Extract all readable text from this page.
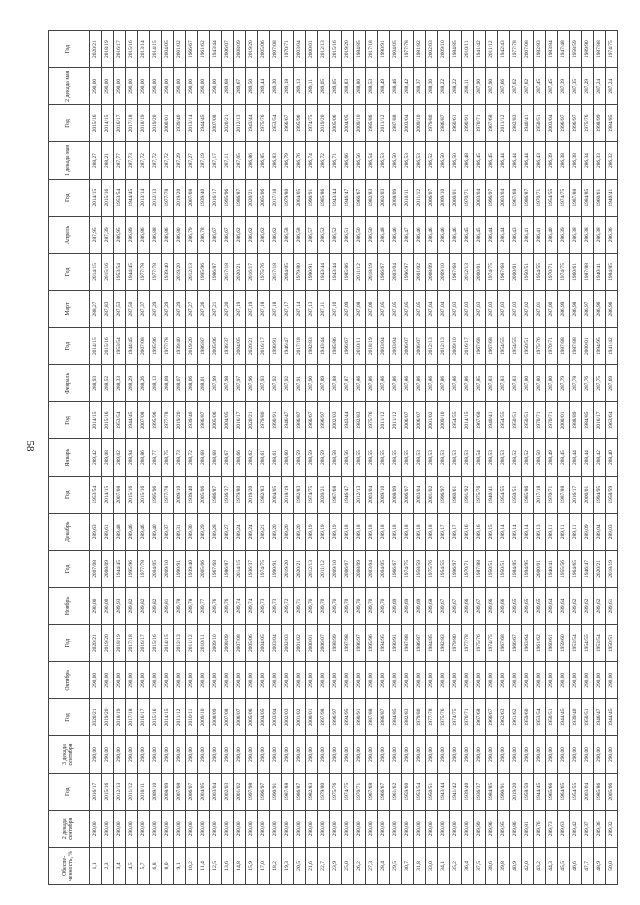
58
Обеспе-ченность, %	2 декада сентября	Год	3 декада сентября	Год	Октябрь	Год	Ноябрь	Год	Декабрь	Год	Январь	Год	Февраль	Год	Март	Год	Апрель	Год	1 декада мая	Год	2 декада мая	Год
1,1	290,00	2016/17	290,00	2020/21	290,00	2020/21	290,00	2007/08	289,63	1953/54	289,42	2014/15	288,93	2014/15	288,27	2014/15	287,95	2014/15	288,27	2015/16	290,00	2020/21
2,3	290,00	2015/16	290,00	2019/20	290,00	2019/20	290,00	2008/09	289,61	2014/15	289,08	2015/16	288,52	2015/16	287,83	2015/16	287,39	2015/16	288,21	2014/15	290,00	2018/19
3,4	290,00	2012/13	290,00	2018/19	290,00	2018/19	289,93	1944/45	289,48	2007/08	289,02	1953/54	288,33	1953/54	287,53	1953/54	286,95	1953/54	287,77	2016/17	290,00	2016/17
4,5	290,00	2011/12	290,00	2017/18	290,00	2017/18	289,82	1995/96	289,46	2015/16	288,94	1944/45	288,29	1944/45	287,50	1944/45	286,89	1944/45	287,73	2017/18	290,00	2015/16
5,7	290,00	2010/11	290,00	2016/17	290,00	2016/17	289,82	1977/78	289,46	2015/16	288,86	2007/08	288,26	2007/08	287,37	1977/78	286,86	2013/14	287,72	2018/19	290,00	2013/14
6,8	290,00	2009/10	290,00	2015/16	290,00	2015/16	289,82	2004/05	289,40	1995/96	288,77	1995/96	288,13	1995/96	287,29	1977/78	286,88	2012/13	287,72	2019/20	290,00	2014/15
8,0	290,00	2008/09	290,00	2014/15	290,00	2014/15	289,81	2009/10	289,37	1977/78	288,75	1977/78	288,08	1977/78	287,29	1939/40	286,86	1977/78	287,72	2000/01	290,00	2004/05
9,1	290,00	2007/08	290,00	2011/12	290,00	2012/13	289,78	1990/91	289,31	2009/10	288,73	2019/20	288,07	1939/40	287,29	2019/20	286,80	2019/20	287,29	1939/40	290,00	2001/02
10,2	290,00	2006/07	290,00	2010/11	290,00	2011/12	289,78	1939/40	289,30	1939/40	288,72	1939/40	288,06	2019/20	287,27	2012/13	286,79	2007/08	287,27	2013/14	290,00	1966/67
11,4	290,00	2004/05	290,00	2009/10	290,00	2010/11	289,77	2005/06	289,29	2005/06	288,68	1986/87	288,01	1986/87	287,26	1995/96	286,78	1939/40	287,19	1944/45	290,00	1961/62
12,5	290,00	2003/04	290,00	2008/09	290,00	2009/10	289,76	1967/68	289,28	1986/87	288,68	2005/06	287,99	2005/06	287,21	1986/87	286,67	2016/17	287,17	2007/08	290,00	1943/44
13,6	290,00	2002/03	290,00	2007/08	290,00	2008/09	289,76	1986/87	289,27	1936/37	288,67	2004/05	287,98	1936/37	287,20	2017/18	286,67	1995/96	287,11	2020/21	289,68	2006/07
14,8	290,00	2001/02	290,00	2006/07	290,00	2007/08	289,74	2014/15	289,24	1979/80	288,66	2016/17	287,97	2004/05	287,19	2020/21	286,62	1986/87	287,05	2012/13	289,67	2008/09
15,9	290,00	1997/98	290,00	2005/06	290,00	2005/06	289,74	1936/37	289,24	2019/20	288,62	2020/21	287,96	2020/21	287,19	2016/17	286,62	2020/21	286,86	1943/44	289,50	2019/20
17,0	290,00	1996/97	290,00	2004/05	290,00	2004/05	289,73	1974/75	289,21	1982/83	288,61	1979/80	287,93	2016/17	287,18	1975/76	286,62	2005/06	286,85	1975/76	289,44	2005/06
18,2	290,00	1990/91	290,00	2003/04	290,00	2003/04	289,73	1990/91	289,20	2004/05	288,61	1990/91	287,92	1990/91	287,18	2017/18	286,62	2017/18	286,83	1953/54	289,30	2007/08
19,3	290,00	1987/88	290,00	2002/03	290,00	2002/03	289,72	2019/20	289,20	2018/19	288,60	1946/47	287,92	1946/47	287,17	2004/05	286,58	1979/80	286,79	1966/67	289,18	1970/71
20,5	290,00	1986/87	290,00	2001/02	290,00	2001/02	289,71	2020/21	289,20	1982/83	288,59	1986/87	287,91	2017/18	287,14	1979/80	286,58	2004/05	286,76	1995/96	289,13	2003/04
21,6	290,00	1982/83	290,00	2000/01	290,00	2000/01	289,70	2012/13	289,19	1974/75	288,59	1966/67	287,90	1982/83	287,13	1990/91	286,57	1990/91	286,74	1974/75	289,11	2000/01
22,7	290,00	1979/80	290,00	1997/98	290,00	2006/07	289,70	2011/12	289,19	2020/21	288,59	1996/97	287,89	1943/44	287,11	1943/44	286,52	1985/86	286,72	2019/20	289,05	2012/13
23,9	290,00	1975/76	290,00	1996/97	290,00	1998/99	289,70	2009/10	289,19	1967/68	288,58	2002/03	287,88	1985/86	287,10	1943/44	286,52	1943/44	286,71	2005/06	289,05	2015/16
25,0	290,00	1974/75	290,00	1994/95	290,00	1997/98	289,70	2006/07	289,18	1946/47	288,56	1943/44	287,87	1966/67	287,09	1985/86	286,51	1946/47	286,66	2004/05	288,83	2019/20
26,2	290,00	1970/71	290,00	1990/91	290,00	1996/97	289,70	2008/09	289,18	2012/13	288,55	1982/83	287,86	2010/11	287,08	2011/12	286,50	1966/67	286,56	2009/10	288,80	1984/85
27,3	290,00	1967/68	290,00	1987/88	290,00	1995/96	289,70	2003/04	289,18	2003/04	288,55	1975/76	287,86	2018/19	287,06	2018/19	286,50	1982/83	286,54	1985/86	288,53	2017/18
28,4	290,00	1966/67	290,00	1986/87	290,00	1994/95	289,70	2004/05	289,18	2009/10	288,55	2011/12	287,86	2003/04	287,05	1966/67	286,48	2002/03	286,53	2011/12	288,49	1990/91
29,5	290,00	1961/62	290,00	1984/85	290,00	1990/91	289,69	1966/67	289,18	2008/09	288,55	2011/12	287,86	2003/04	287,05	2003/04	286,46	2008/09	286,50	1987/88	288,46	2004/05
30,7	290,00	1959/60	290,00	1982/83	290,00	1987/88	289,69	1974/75	289,18	2006/07	288,55	2006/07	287,86	2006/07	287,05	1996/97	286,47	2010/11	286,53	2003/04	288,42	1977/78
31,8	290,00	1953/54	290,00	1979/80	290,00	1986/87	289,69	1958/59	289,18	2003/04	288,53	2006/07	287,86	2006/07	287,05	2001/02	286,46	2011/12	286,53	2009/10	288,37	1981/82
33,0	290,00	1950/51	290,00	1977/78	290,00	1984/85	289,68	1975/76	289,18	2001/02	288,53	2001/02	287,86	2012/13	287,04	2008/09	286,46	2006/07	286,52	1979/80	288,30	2002/03
34,1	290,00	1943/44	290,00	1975/76	290,00	1982/83	289,67	1954/55	289,17	1996/97	288,53	2009/10	287,86	2012/13	287,04	2009/10	286,46	2009/10	286,50	1986/87	288,22	2009/10
35,2	290,00	1941/42	290,00	1974/75	290,00	1979/80	289,67	1996/97	289,17	1960/61	288,53	1954/55	287,86	2009/10	287,03	1967/68	286,46	2000/01	286,50	1960/61	288,22	1984/85
36,4	290,00	1939/40	290,00	1970/71	290,00	1977/78	289,66	1970/71	289,16	1991/92	288,53	2014/15	287,86	2016/17	287,03	2012/13	286,45	1970/71	286,48	1990/91	288,11	2010/11
37,5	289,99	1936/37	290,00	1967/68	290,00	1975/76	289,67	1987/88	289,16	1975/76	288,54	1967/68	287,85	1967/68	287,03	2000/01	286,45	2003/04	286,45	1970/71	287,90	1941/42
38,6	289,96	1984/85	290,00	1966/67	290,00	1974/75	289,66	1950/51	289,15	1940/41	288,53	1940/41	287,83	1967/68	287,03	1974/75	286,44	1996/97	286,45	1967/68	287,90	2011/12
39,8	289,95	1990/91	290,00	1962/63	290,00	1967/68	289,66	1950/51	289,14	1954/55	288,53	1954/55	287,83	1954/55	287,03	1967/68	286,44	2003/04	286,44	2011/12	287,66	1942/43
40,9	289,86	2019/20	290,00	1961/62	290,00	1966/67	289,65	1984/85	289,14	1950/51	288,52	1950/51	287,83	1954/55	287,03	2000/01	286,43	1967/68	286,44	1982/83	287,62	1977/78
42,0	289,81	1958/59	290,00	1959/60	290,00	1963/64	289,65	1994/95	289,14	1985/86	288,52	1950/51	287,80	1950/51	287,02	1950/51	286,41	1986/87	286,44	1940/41	287,62	2007/08
43,2	289,76	1944/45	290,00	1953/54	290,00	1961/62	289,65	2000/01	289,13	2017/18	288,50	1970/71	287,80	1975/76	287,01	1954/55	286,41	1970/71	286,43	1950/51	287,45	1982/83
44,3	289,73	1965/66	290,00	1950/51	290,00	1960/61	289,64	1940/41	289,11	1970/71	288,49	1970/71	287,80	1970/71	287,00	1970/71	286,40	1954/55	286,39	2003/04	287,45	1983/84
45,5	289,63	1964/65	290,00	1944/45	290,00	1959/60	289,64	1955/56	289,11	1987/88	288,45	2000/01	287,79	1987/88	286,99	1974/75	286,39	1974/75	286,38	1996/97	287,39	1947/48
46,6	289,42	1954/55	290,00	1939/40	290,00	1953/54	289,62	1964/65	289,11	2016/17	288,44	1988/89	287,78	1987/88	286,98	1960/61	286,38	1987/88	286,38	1996/97	287,35	1958/59
47,7	289,37	2003/04	290,00	1950/51	290,00	1954/55	289,62	1946/47	289,09	2000/01	288,44	1984/85	287,76	2000/01	286,97	1987/88	286,38	1984/85	286,34	1975/76	287,29	1989/90
48,9	289,36	1985/86	290,00	1946/47	290,00	1953/54	289,62	2020/21	289,04	1994/95	288,42	2016/17	287,75	1994/95	286,96	1940/41	286,38	1960/61	286,33	1998/99	287,24	1987/88
50,0	289,32	2005/06	290,00	1944/45	290,00	1950/51	289,61	2018/19	289,03	1958/59	288,40	1963/64	287,69	1941/42	286,96	1984/85	286,36	1940/41	286,32	1984/85	287,24	1974/75
